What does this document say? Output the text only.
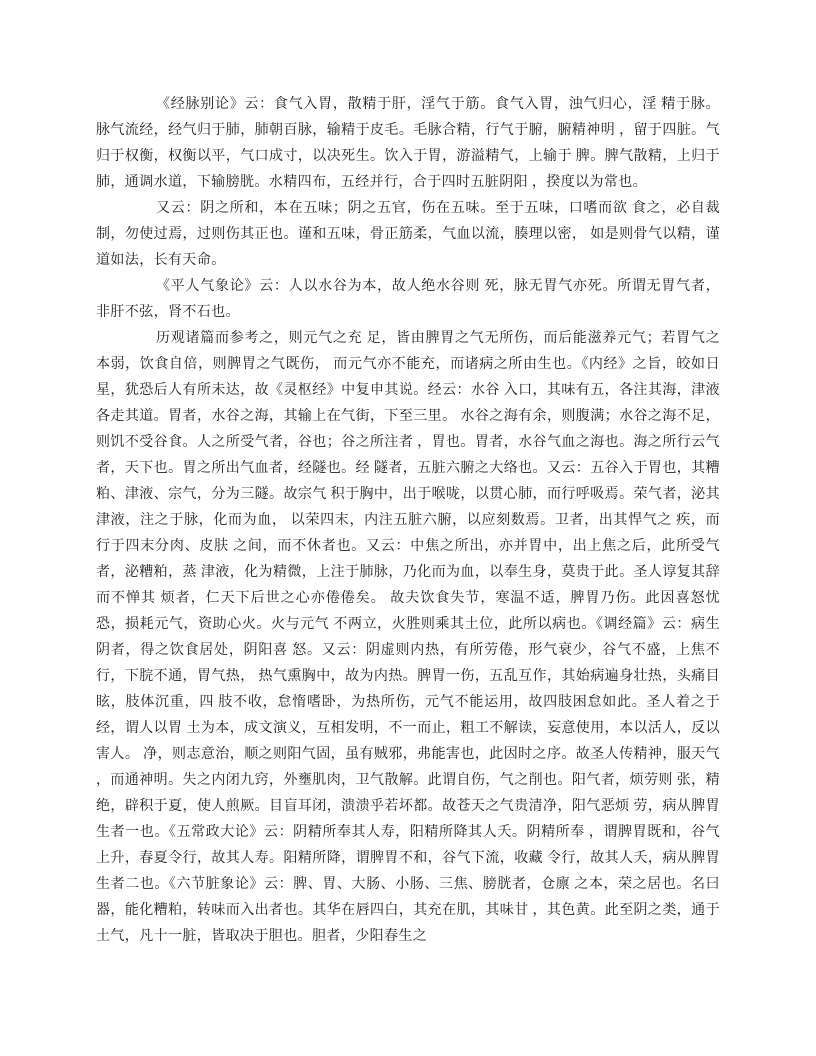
《经脉别论》云：食气入胃，散精于肝，淫气于筋。食气入胃，浊气归心，淫 精于脉。脉气流经，经气归于肺，肺朝百脉，输精于皮毛。毛脉合精，行气于腑，腑精神明 ，留于四脏。气归于权衡，权衡以平，气口成寸，以决死生。饮入于胃，游溢精气，上输于 脾。脾气散精，上归于肺，通调水道，下输膀胱。水精四布，五经并行，合于四时五脏阴阳 ，揆度以为常也。

又云：阴之所和，本在五味；阴之五官，伤在五味。至于五味，口嗜而欲 食之，必自裁制，勿使过焉，过则伤其正也。谨和五味，骨正筋柔，气血以流，腠理以密， 如是则骨气以精，谨道如法，长有天命。

《平人气象论》云：人以水谷为本，故人绝水谷则 死，脉无胃气亦死。所谓无胃气者，非肝不弦，肾不石也。

历观诸篇而参考之，则元气之充 足，皆由脾胃之气无所伤，而后能滋养元气；若胃气之本弱，饮食自倍，则脾胃之气既伤， 而元气亦不能充，而诸病之所由生也。《内经》之旨，皎如日星，犹恐后人有所未达，故《灵枢经》中复申其说。经云：水谷 入口，其味有五，各注其海，津液各走其道。胃者，水谷之海，其输上在气街，下至三里。 水谷之海有余，则腹满；水谷之海不足，则饥不受谷食。人之所受气者，谷也；谷之所注者 ，胃也。胃者，水谷气血之海也。海之所行云气者，天下也。胃之所出气血者，经隧也。经 隧者，五脏六腑之大络也。又云：五谷入于胃也，其糟粕、津液、宗气，分为三隧。故宗气 积于胸中，出于喉咙，以贯心肺，而行呼吸焉。荣气者，泌其津液，注之于脉，化而为血， 以荣四末，内注五脏六腑，以应刻数焉。卫者，出其悍气之 疾，而行于四末分肉、皮肤 之间，而不休者也。又云：中焦之所出，亦并胃中，出上焦之后，此所受气者，泌糟粕，蒸 津液，化为精微，上注于肺脉，乃化而为血，以奉生身，莫贵于此。圣人谆复其辞而不惮其 烦者，仁天下后世之心亦倦倦矣。 故夫饮食失节，寒温不适，脾胃乃伤。此因喜怒忧恐，损耗元气，资助心火。火与元气 不两立，火胜则乘其土位，此所以病也。《调经篇》云：病生阴者，得之饮食居处，阴阳喜 怒。又云：阴虚则内热，有所劳倦，形气衰少，谷气不盛，上焦不行，下脘不通，胃气热， 热气熏胸中，故为内热。脾胃一伤，五乱互作，其始病遍身壮热，头痛目眩，肢体沉重，四 肢不收，怠惰嗜卧，为热所伤，元气不能运用，故四肢困怠如此。圣人着之于经，谓人以胃 土为本，成文演义，互相发明，不一而止，粗工不解读，妄意使用，本以活人，反以害人。 净，则志意治，顺之则阳气固，虽有贼邪，弗能害也，此因时之序。故圣人传精神，服天气 ，而通神明。失之内闭九窍，外壅肌肉，卫气散解。此谓自伤，气之削也。阳气者，烦劳则 张，精绝，辟积于夏，使人煎厥。目盲耳闭，溃溃乎若坏都。故苍天之气贵清净，阳气恶烦 劳，病从脾胃生者一也。《五常政大论》云：阴精所奉其人寿，阳精所降其人夭。阴精所奉 ，谓脾胃既和，谷气上升，春夏令行，故其人寿。阳精所降，谓脾胃不和，谷气下流，收藏 令行，故其人夭，病从脾胃生者二也。《六节脏象论》云：脾、胃、大肠、小肠、三焦、膀胱者，仓廪 之本，荣之居也。名曰器，能化糟粕，转味而入出者也。其华在唇四白，其充在肌，其味甘 ，其色黄。此至阴之类，通于土气，凡十一脏，皆取决于胆也。胆者，少阳春生之
